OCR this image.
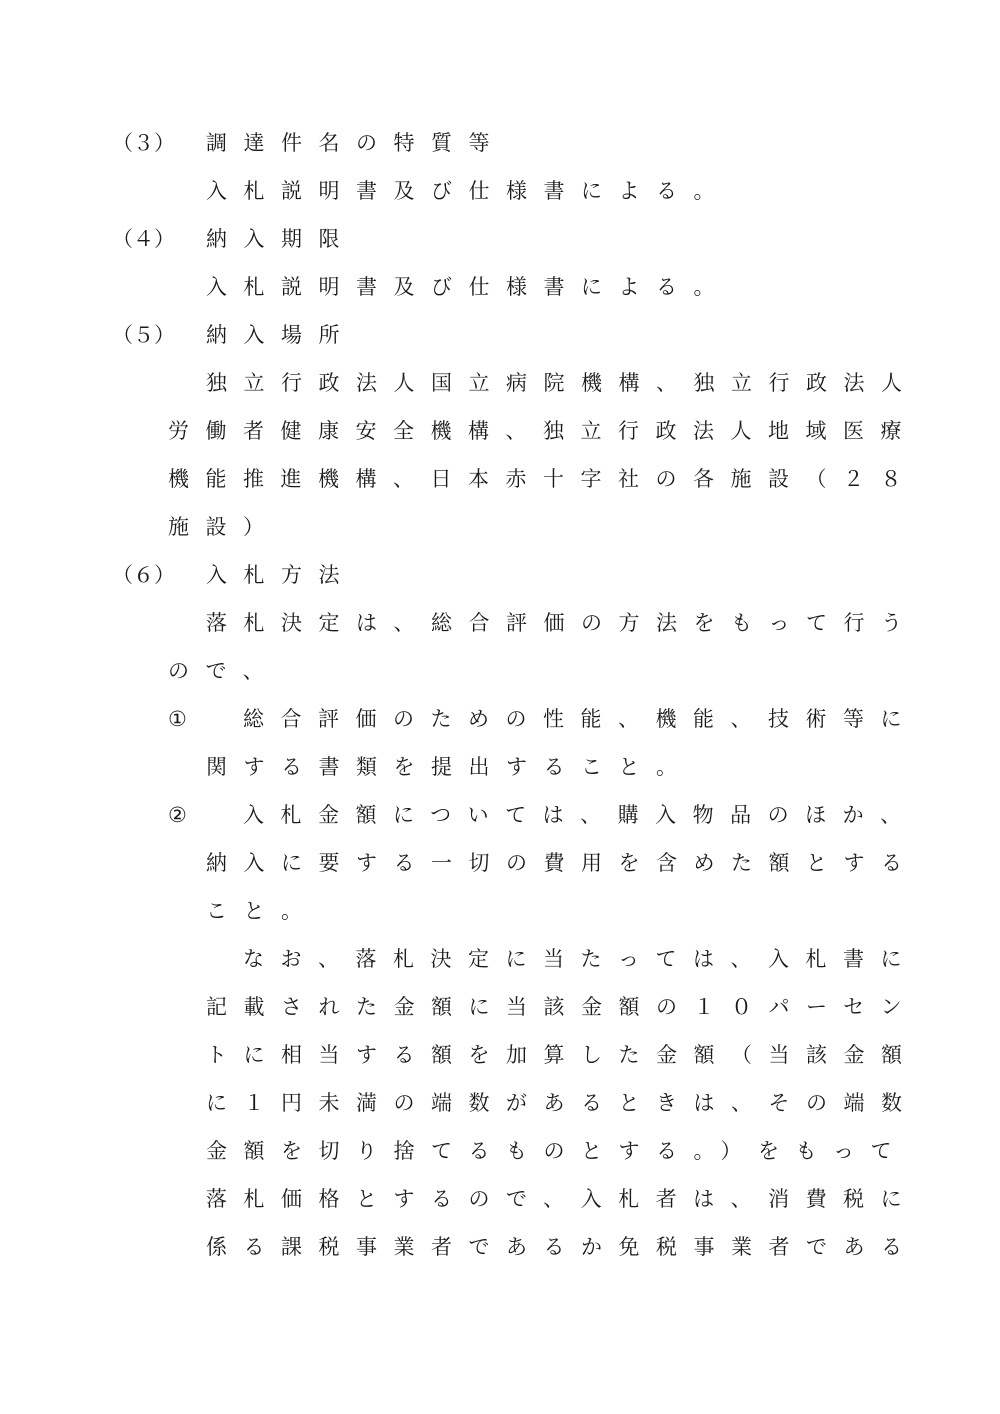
（３） 調達件名の特質等
入札説明書及び仕様書による。
（４） 納入期限
入札説明書及び仕様書による。
（５） 納入場所
独立行政法人国立病院機構、独立行政法人
労働者健康安全機構、独立行政法人地域医療
機能推進機構、日本赤十字社の各施設（２８
施設）
（６） 入札方法
落札決定は、総合評価の方法をもって行う
ので、
①	総合評価のための性能、機能、技術等に
関する書類を提出すること。
②	入札金額については、購入物品のほか、
納入に要する一切の費用を含めた額とする
こと。
なお、落札決定に当たっては、入札書に
記載された金額に当該金額の１０パーセン
トに相当する額を加算した金額（当該金額
に１円未満の端数があるときは、その端数
金額を切り捨てるものとする。）をもって
落札価格とするので、入札者は、消費税に
係る課税事業者であるか免税事業者である
